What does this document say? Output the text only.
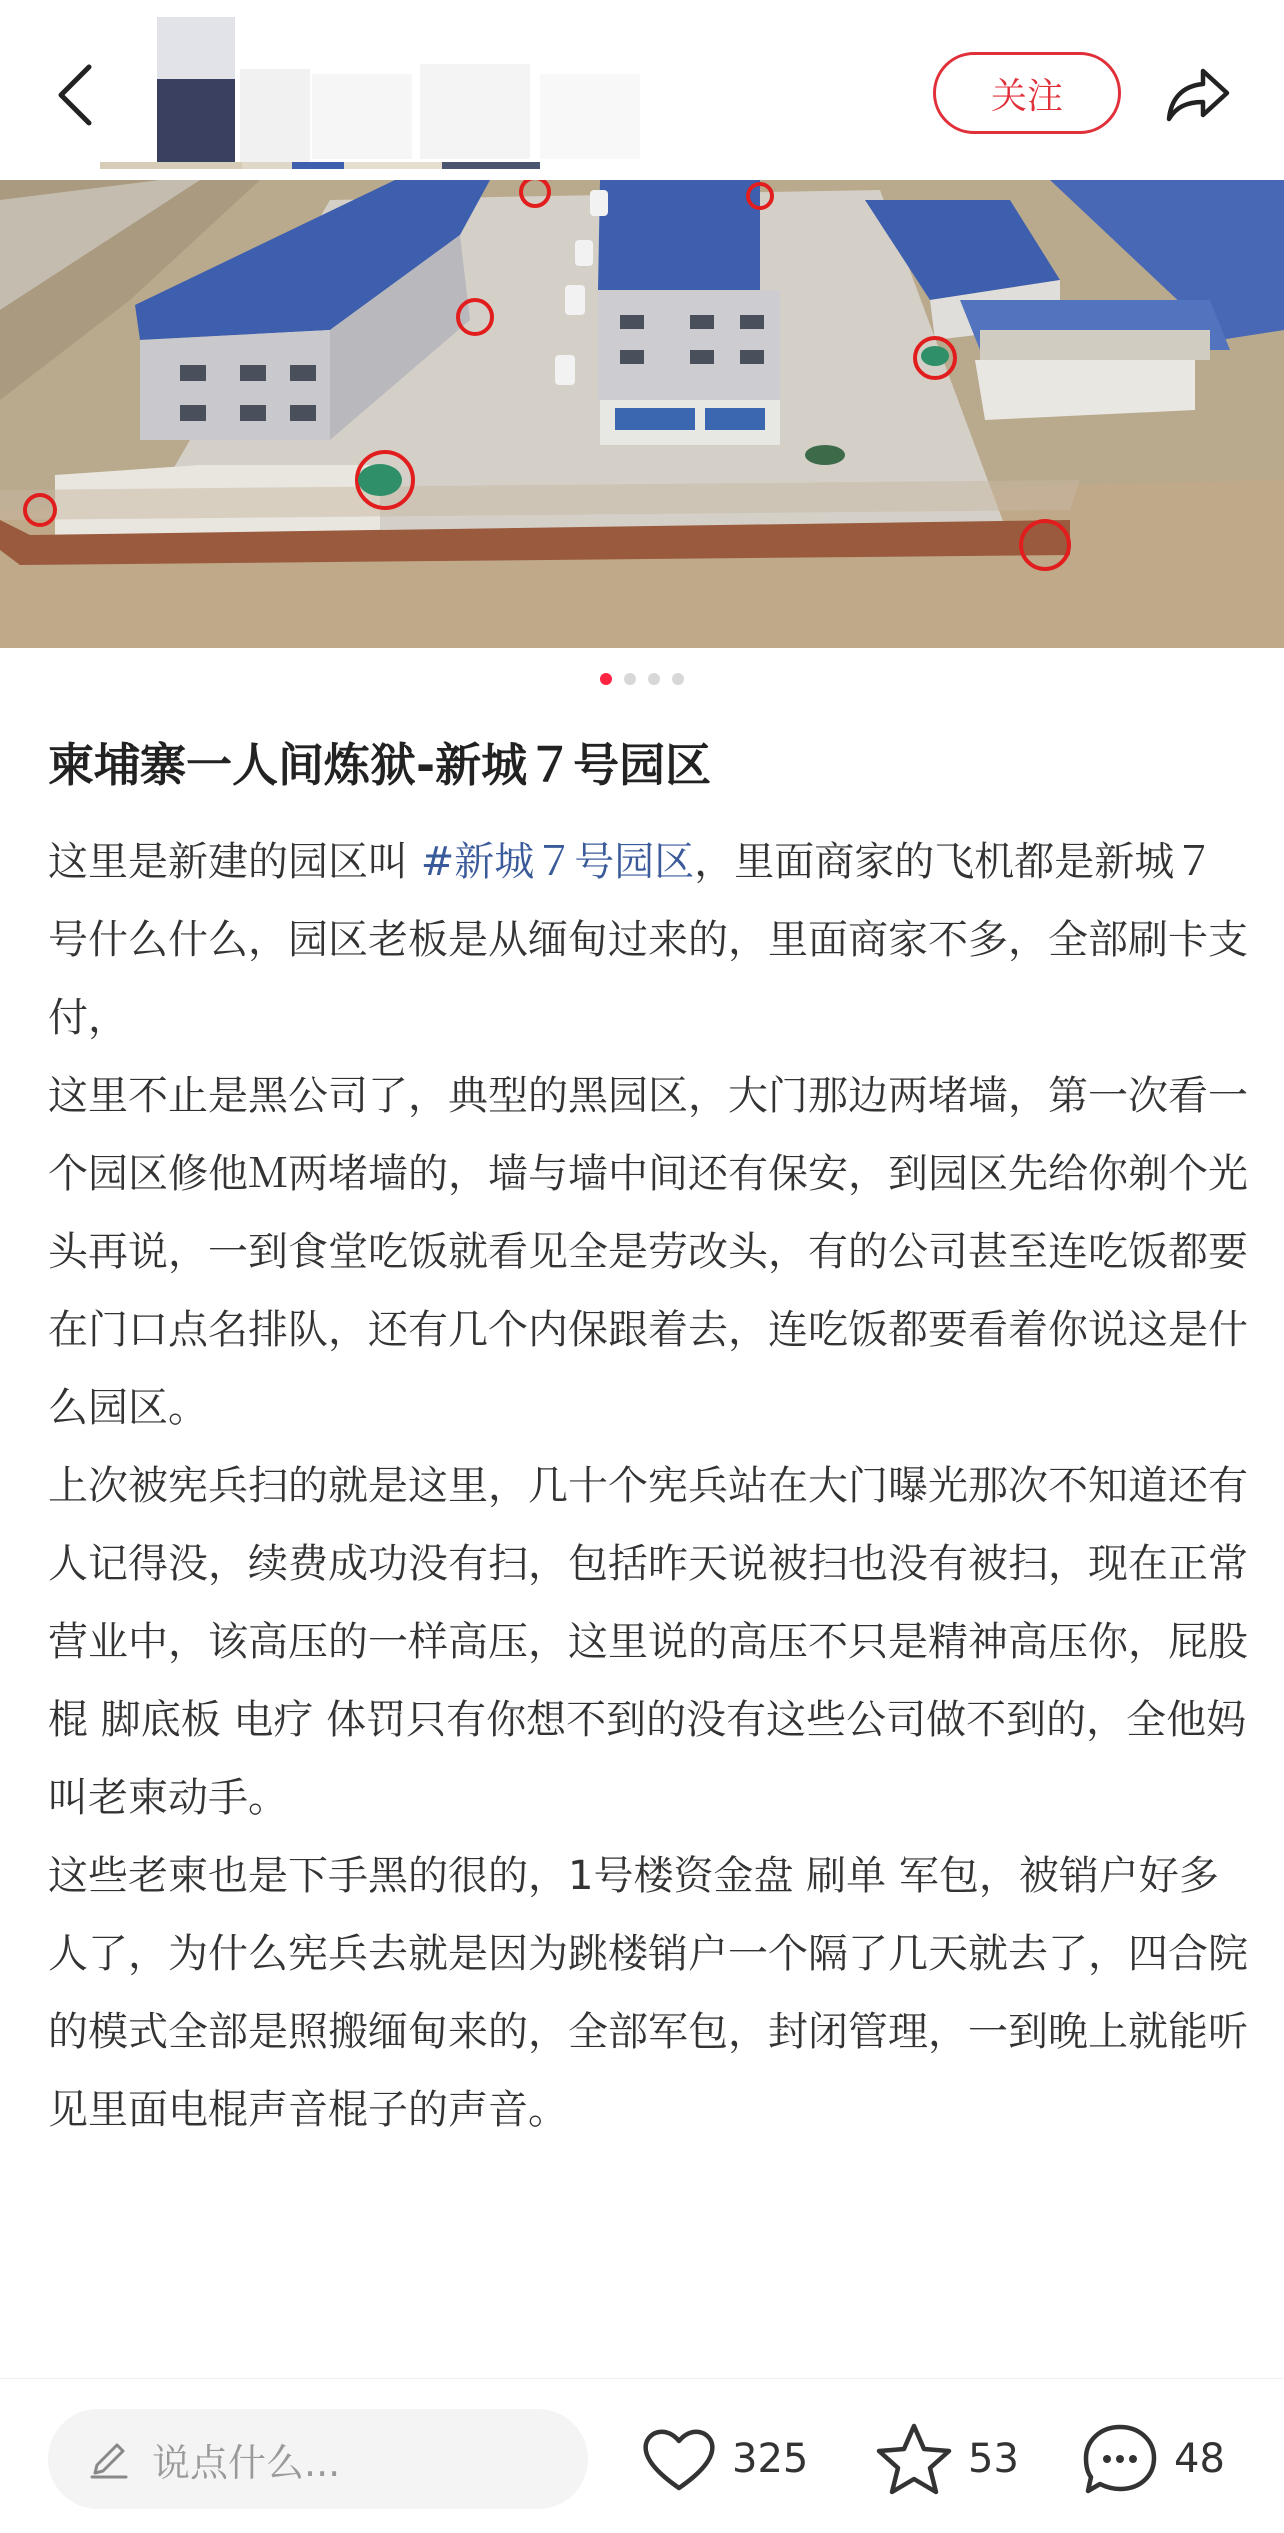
关注
柬埔寨一人间炼狱-新城７号园区

这里是新建的园区叫 #新城７号园区，里面商家的飞机都是新城７号什么什么，园区老板是从缅甸过来的，里面商家不多，全部刷卡支付，

这里不止是黑公司了，典型的黑园区，大门那边两堵墙，第一次看一个园区修他Ｍ两堵墙的，墙与墙中间还有保安，到园区先给你剃个光头再说，一到食堂吃饭就看见全是劳改头，有的公司甚至连吃饭都要在门口点名排队，还有几个内保跟着去，连吃饭都要看着你说这是什么园区。

上次被宪兵扫的就是这里，几十个宪兵站在大门曝光那次不知道还有人记得没，续费成功没有扫，包括昨天说被扫也没有被扫，现在正常营业中，该高压的一样高压，这里说的高压不只是精神高压你，屁股棍 脚底板 电疗 体罚只有你想不到的没有这些公司做不到的，全他妈叫老柬动手。

这些老柬也是下手黑的很的，1号楼资金盘 刷单 军包，被销户好多人了，为什么宪兵去就是因为跳楼销户一个隔了几天就去了，四合院的模式全部是照搬缅甸来的，全部军包，封闭管理，一到晚上就能听见里面电棍声音棍子的声音。

说点什么...	325	53	48
